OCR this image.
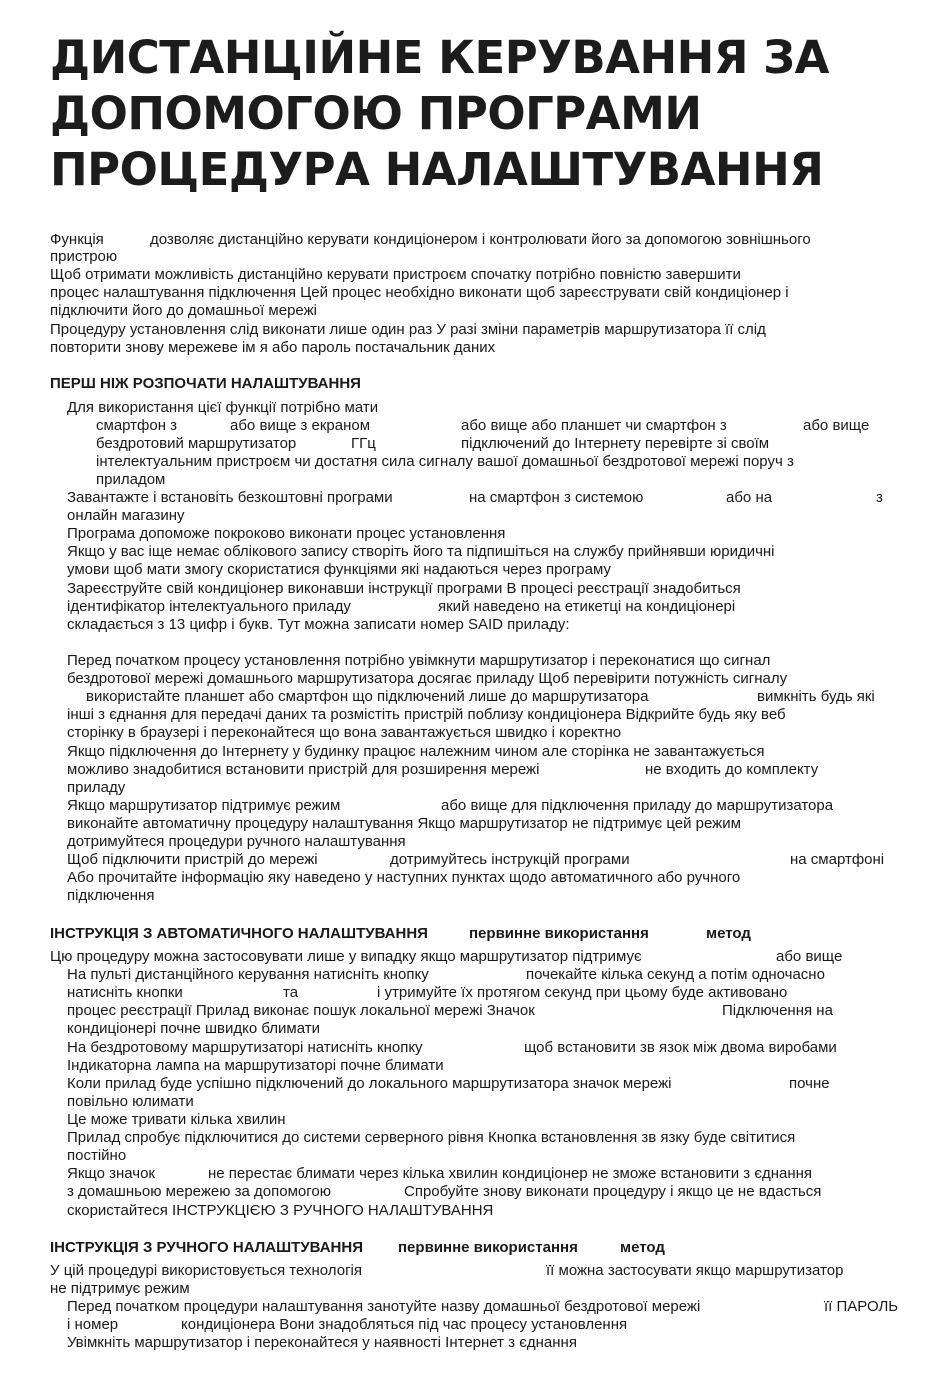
ДИСТАНЦІЙНЕ КЕРУВАННЯ ЗА
ДОПОМОГОЮ ПРОГРАМИ
ПРОЦЕДУРА НАЛАШТУВАННЯ
Функція	дозволяє дистанційно керувати кондиціонером і контролювати його за допомогою зовнішнього
пристрою
Щоб отримати можливість дистанційно керувати пристроєм спочатку потрібно повністю завершити
процес налаштування підключення Цей процес необхідно виконати щоб зареєструвати свій кондиціонер і
підключити його до домашньої мережі
Процедуру установлення слід виконати лише один раз У разі зміни параметрів маршрутизатора її слід
повторити знову мережеве ім я або пароль постачальник даних
ПЕРШ НІЖ РОЗПОЧАТИ НАЛАШТУВАННЯ
Для використання цієї функції потрібно мати
смартфон з	або вище з екраном	або вище або планшет чи смартфон з	або вище
бездротовий маршрутизатор	ГГц	підключений до Інтернету перевірте зі своїм
інтелектуальним пристроєм чи достатня сила сигналу вашої домашньої бездротової мережі поруч з
приладом
Завантажте і встановіть безкоштовні програми	на смартфон з системою	або на	з
онлайн магазину
Програма допоможе покроково виконати процес установлення
Якщо у вас іще немає облікового запису створіть його та підпишіться на службу прийнявши юридичні
умови щоб мати змогу скористатися функціями які надаються через програму
Зареєструйте свій кондиціонер виконавши інструкції програми В процесі реєстрації знадобиться
ідентифікатор інтелектуального приладу	який наведено на етикетці на кондиціонері
складається з 13 цифр і букв. Тут можна записати номер SAID приладу:
Перед початком процесу установлення потрібно увімкнути маршрутизатор і переконатися що сигнал
бездротової мережі домашнього маршрутизатора досягає приладу Щоб перевірити потужність сигналу
використайте планшет або смартфон що підключений лише до маршрутизатора	вимкніть будь які
інші з єднання для передачі даних та розмістіть пристрій поблизу кондиціонера Відкрийте будь яку веб
сторінку в браузері і переконайтеся що вона завантажується швидко і коректно
Якщо підключення до Інтернету у будинку працює належним чином але сторінка не завантажується
можливо знадобитися встановити пристрій для розширення мережі	не входить до комплекту
приладу
Якщо маршрутизатор підтримує режим	або вище для підключення приладу до маршрутизатора
виконайте автоматичну процедуру налаштування Якщо маршрутизатор не підтримує цей режим
дотримуйтеся процедури ручного налаштування
Щоб підключити пристрій до мережі	дотримуйтесь інструкцій програми	на смартфоні
Або прочитайте інформацію яку наведено у наступних пунктах щодо автоматичного або ручного
підключення
ІНСТРУКЦІЯ З АВТОМАТИЧНОГО НАЛАШТУВАННЯ	первинне використання	метод
Цю процедуру можна застосовувати лише у випадку якщо маршрутизатор підтримує	або вище
На пульті дистанційного керування натисніть кнопку	почекайте кілька секунд а потім одночасно
натисніть кнопки	та	і утримуйте їх протягом секунд при цьому буде активовано
процес реєстрації Прилад виконає пошук локальної мережі Значок	Підключення на
кондиціонері почне швидко блимати
На бездротовому маршрутизаторі натисніть кнопку	щоб встановити зв язок між двома виробами
Індикаторна лампа на маршрутизаторі почне блимати
Коли прилад буде успішно підключений до локального маршрутизатора значок мережі	почне
повільно юлимати
Це може тривати кілька хвилин
Прилад спробує підключитися до системи серверного рівня Кнопка встановлення зв язку буде світитися
постійно
Якщо значок	не перестає блимати через кілька хвилин кондиціонер не зможе встановити з єднання
з домашньою мережею за допомогою	Спробуйте знову виконати процедуру і якщо це не вдасться
скористайтеся ІНСТРУКЦІЄЮ З РУЧНОГО НАЛАШТУВАННЯ
ІНСТРУКЦІЯ З РУЧНОГО НАЛАШТУВАННЯ первинне використання	метод
У цій процедурі використовується технологія	її можна застосувати якщо маршрутизатор
не підтримує режим
Перед початком процедури налаштування занотуйте назву домашньої бездротової мережі	її ПАРОЛЬ
і номер	кондиціонера Вони знадобляться під час процесу установлення
Увімкніть маршрутизатор і переконайтеся у наявності Інтернет з єднання
